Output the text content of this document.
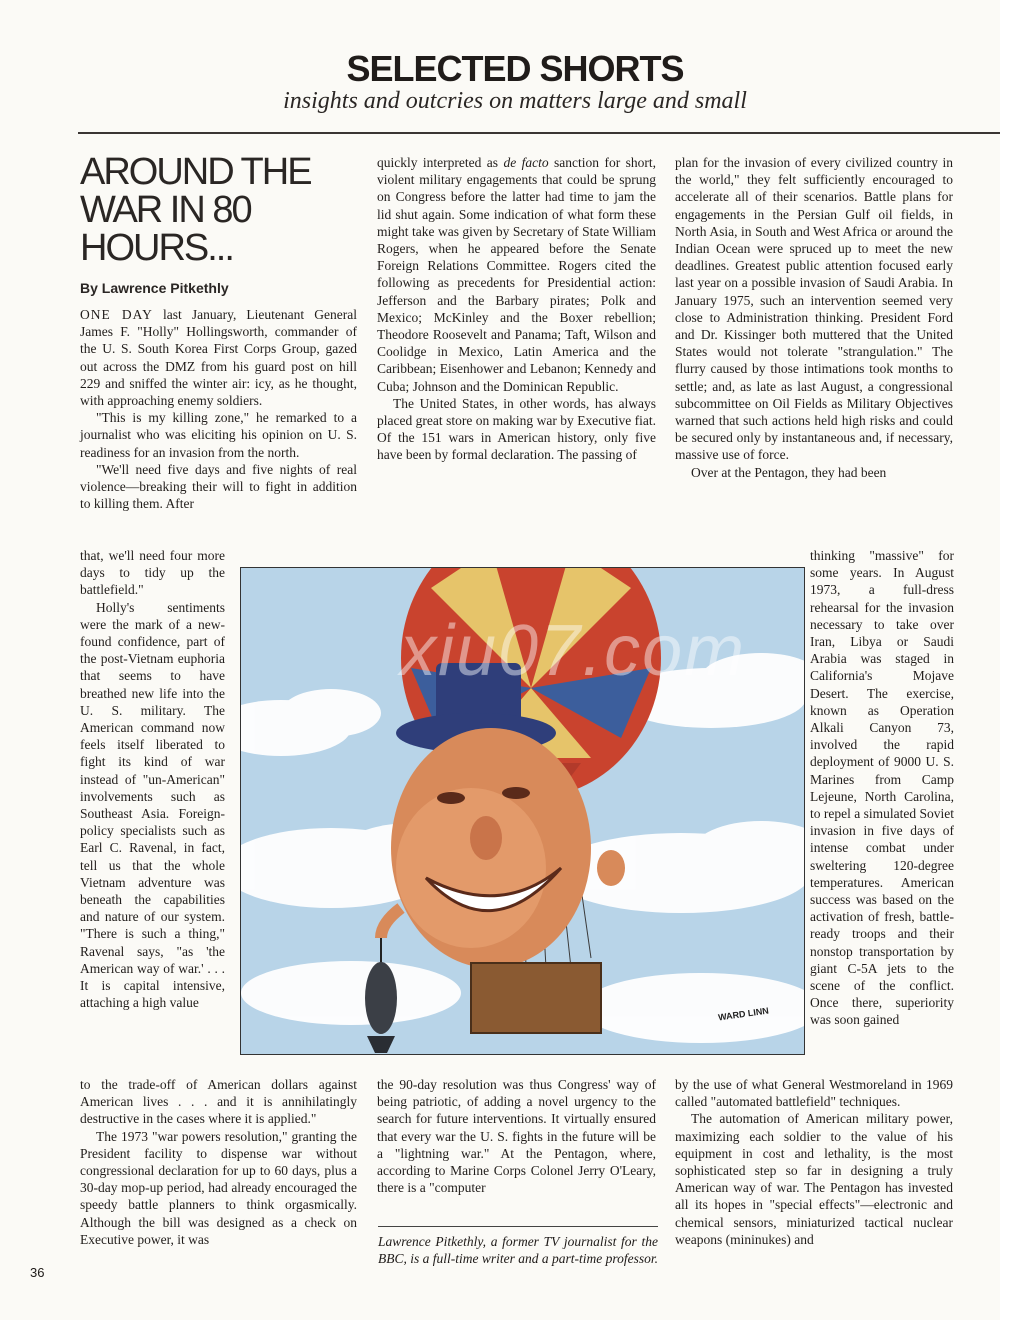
SELECTED SHORTS
insights and outcries on matters large and small
AROUND THE WAR IN 80 HOURS...
By Lawrence Pitkethly

ONE DAY last January, Lieutenant General James F. "Holly" Hollingsworth, commander of the U. S. South Korea First Corps Group, gazed out across the DMZ from his guard post on hill 229 and sniffed the winter air: icy, as he thought, with approaching enemy soldiers.

"This is my killing zone," he remarked to a journalist who was eliciting his opinion on U. S. readiness for an invasion from the north.

"We'll need five days and five nights of real violence—breaking their will to fight in addition to killing them. After

that, we'll need four more days to tidy up the battlefield."

Holly's sentiments were the mark of a new-found confidence, part of the post-Vietnam euphoria that seems to have breathed new life into the U. S. military. The American command now feels itself liberated to fight its kind of war instead of "un-American" involvements such as Southeast Asia. Foreign-policy specialists such as Earl C. Ravenal, in fact, tell us that the whole Vietnam adventure was beneath the capabilities and nature of our system. "There is such a thing," Ravenal says, "as 'the American way of war.' . . . It is capital intensive, attaching a high value

to the trade-off of American dollars against American lives . . . and it is annihilatingly destructive in the cases where it is applied."

The 1973 "war powers resolution," granting the President facility to dispense war without congressional declaration for up to 60 days, plus a 30-day mop-up period, had already encouraged the speedy battle planners to think orgasmically. Although the bill was designed as a check on Executive power, it was

quickly interpreted as de facto sanction for short, violent military engagements that could be sprung on Congress before the latter had time to jam the lid shut again. Some indication of what form these might take was given by Secretary of State William Rogers, when he appeared before the Senate Foreign Relations Committee. Rogers cited the following as precedents for Presidential action: Jefferson and the Barbary pirates; Polk and Mexico; McKinley and the Boxer rebellion; Theodore Roosevelt and Panama; Taft, Wilson and Coolidge in Mexico, Latin America and the Caribbean; Eisenhower and Lebanon; Kennedy and Cuba; Johnson and the Dominican Republic.

The United States, in other words, has always placed great store on making war by Executive fiat. Of the 151 wars in American history, only five have been by formal declaration. The passing of

the 90-day resolution was thus Congress' way of being patriotic, of adding a novel urgency to the search for future interventions. It virtually ensured that every war the U. S. fights in the future will be a "lightning war." At the Pentagon, where, according to Marine Corps Colonel Jerry O'Leary, there is a "computer

plan for the invasion of every civilized country in the world," they felt sufficiently encouraged to accelerate all of their scenarios. Battle plans for engagements in the Persian Gulf oil fields, in North Asia, in South and West Africa or around the Indian Ocean were spruced up to meet the new deadlines. Greatest public attention focused early last year on a possible invasion of Saudi Arabia. In January 1975, such an intervention seemed very close to Administration thinking. President Ford and Dr. Kissinger both muttered that the United States would not tolerate "strangulation." The flurry caused by those intimations took months to settle; and, as late as last August, a congressional subcommittee on Oil Fields as Military Objectives warned that such actions held high risks and could be secured only by instantaneous and, if necessary, massive use of force.

Over at the Pentagon, they had been

thinking "massive" for some years. In August 1973, a full-dress rehearsal for the invasion necessary to take over Iran, Libya or Saudi Arabia was staged in California's Mojave Desert. The exercise, known as Operation Alkali Canyon 73, involved the rapid deployment of 9000 U. S. Marines from Camp Lejeune, North Carolina, to repel a simulated Soviet invasion in five days of intense combat under sweltering 120-degree temperatures. American success was based on the activation of fresh, battle-ready troops and their nonstop transportation by giant C-5A jets to the scene of the conflict. Once there, superiority was soon gained

by the use of what General Westmoreland in 1969 called "automated battlefield" techniques.

The automation of American military power, maximizing each soldier to the value of his equipment in cost and lethality, is the most sophisticated step so far in designing a truly American way of war. The Pentagon has invested all its hopes in "special effects"—electronic and chemical sensors, miniaturized tactical nuclear weapons (mininukes) and

xiu07.com
WARD LINN
Lawrence Pitkethly, a former TV journalist for the BBC, is a full-time writer and a part-time professor.
36
